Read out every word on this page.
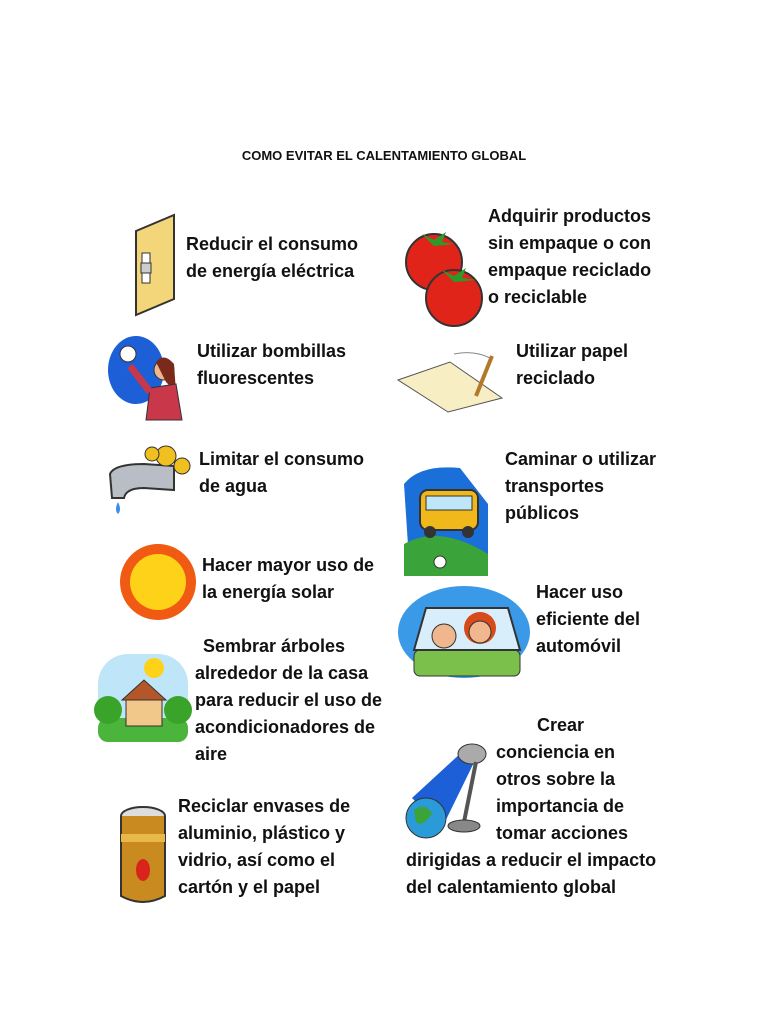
COMO EVITAR EL CALENTAMIENTO GLOBAL
Reducir el consumo
de energía eléctrica
Utilizar bombillas
fluorescentes
Limitar el consumo
de agua
Hacer mayor uso de
la energía solar
Sembrar árboles
alrededor de la casa
para reducir el uso de
acondicionadores de
aire
Reciclar envases de
aluminio, plástico y
vidrio, así como el
cartón y el papel
Adquirir productos
sin empaque o con
empaque reciclado
o reciclable
Utilizar papel
reciclado
Caminar o utilizar
transportes
públicos
Hacer uso
eficiente del
automóvil
Crear
conciencia en
otros sobre la
importancia de
tomar acciones
dirigidas a reducir el impacto
del calentamiento global
